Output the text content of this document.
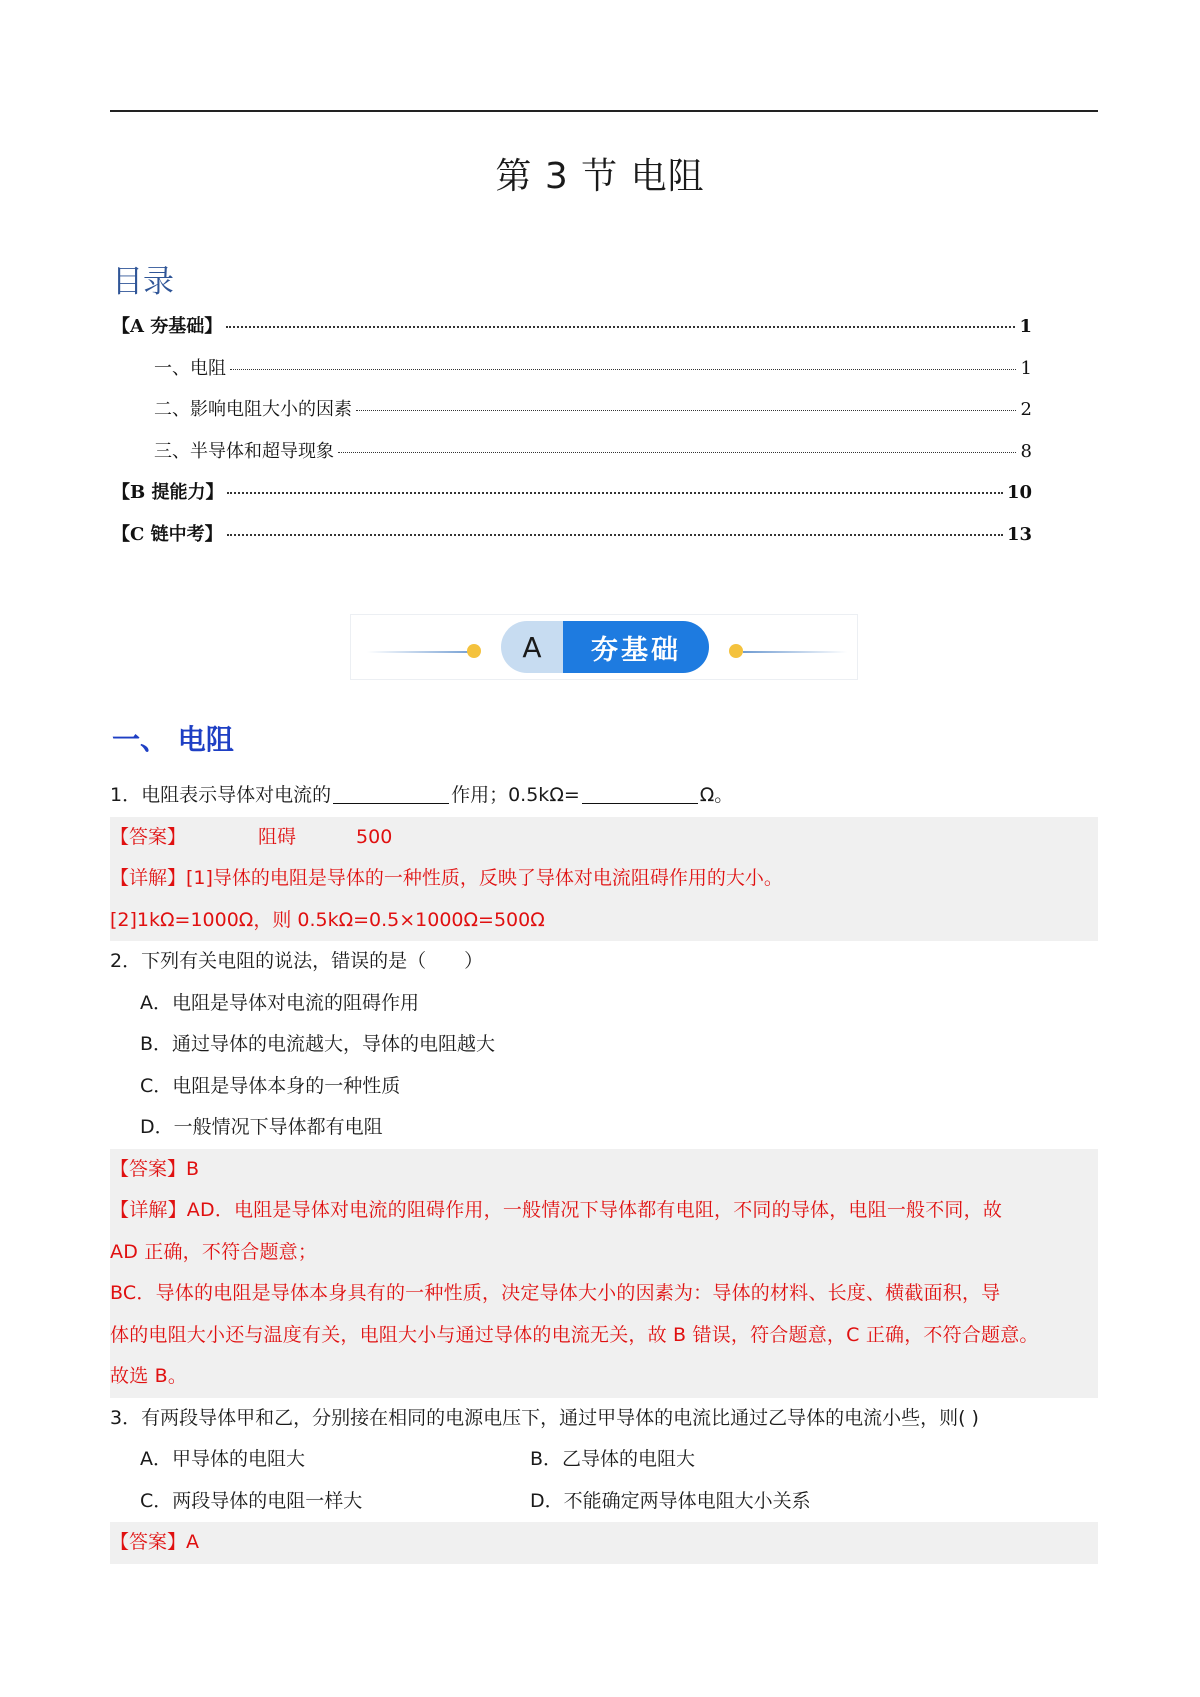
第 3 节 电阻
目录
【A 夯基础】	1
一、电阻	1
二、影响电阻大小的因素	2
三、半导体和超导现象	8
【B 提能力】	10
【C 链中考】	13
A	夯基础
一、 电阻
1．电阻表示导体对电流的	作用；0.5kΩ=	Ω。
【答案】	阻碍	500
【详解】[1]导体的电阻是导体的一种性质，反映了导体对电流阻碍作用的大小。
[2]1kΩ=1000Ω，则 0.5kΩ=0.5×1000Ω=500Ω
2．下列有关电阻的说法，错误的是（　　）
A．电阻是导体对电流的阻碍作用
B．通过导体的电流越大，导体的电阻越大
C．电阻是导体本身的一种性质
D．一般情况下导体都有电阻
【答案】B
【详解】AD．电阻是导体对电流的阻碍作用，一般情况下导体都有电阻，不同的导体，电阻一般不同，故
AD 正确，不符合题意；
BC．导体的电阻是导体本身具有的一种性质，决定导体大小的因素为：导体的材料、长度、横截面积，导
体的电阻大小还与温度有关，电阻大小与通过导体的电流无关，故 B 错误，符合题意，C 正确，不符合题意。
故选 B。
3．有两段导体甲和乙，分别接在相同的电源电压下，通过甲导体的电流比通过乙导体的电流小些，则( )
A．甲导体的电阻大	B．乙导体的电阻大
C．两段导体的电阻一样大	D．不能确定两导体电阻大小关系
【答案】A
